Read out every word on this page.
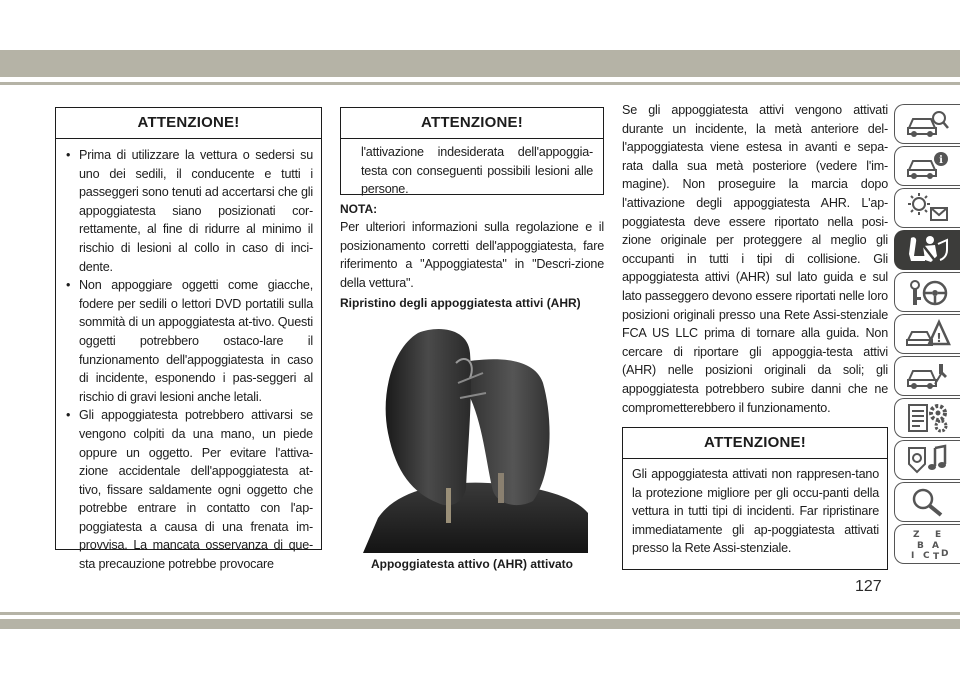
ATTENZIONE!
• Prima di utilizzare la vettura o sedersi su uno dei sedili, il conducente e tutti i passeggeri sono tenuti ad accertarsi che gli appoggiatesta siano posizionati cor-rettamente, al fine di ridurre al minimo il rischio di lesioni al collo in caso di inci-dente.
• Non appoggiare oggetti come giacche, fodere per sedili o lettori DVD portatili sulla sommità di un appoggiatesta at-tivo. Questi oggetti potrebbero ostaco-lare il funzionamento dell'appoggiatesta in caso di incidente, esponendo i pas-seggeri al rischio di gravi lesioni anche letali.
• Gli appoggiatesta potrebbero attivarsi se vengono colpiti da una mano, un piede oppure un oggetto. Per evitare l'attiva-zione accidentale dell'appoggiatesta at-tivo, fissare saldamente ogni oggetto che potrebbe entrare in contatto con l'ap-poggiatesta a causa di una frenata im-provvisa. La mancata osservanza di que-sta precauzione potrebbe provocare
ATTENZIONE!
l'attivazione indesiderata dell'appoggia-testa con conseguenti possibili lesioni alle persone.
NOTA:
Per ulteriori informazioni sulla regolazione e il posizionamento corretti dell'appoggiatesta, fare riferimento a "Appoggiatesta" in "Descri-zione della vettura".
Ripristino degli appoggiatesta attivi (AHR)
Appoggiatesta attivo (AHR) attivato
Se gli appoggiatesta attivi vengono attivati durante un incidente, la metà anteriore del-l'appoggiatesta viene estesa in avanti e sepa-rata dalla sua metà posteriore (vedere l'im-magine). Non proseguire la marcia dopo l'attivazione degli appoggiatesta AHR. L'ap-poggiatesta deve essere riportato nella posi-zione originale per proteggere al meglio gli occupanti in tutti i tipi di collisione. Gli appoggiatesta attivi (AHR) sul lato guida e sul lato passeggero devono essere riportati nelle loro posizioni originali presso una Rete Assi-stenziale FCA US LLC prima di tornare alla guida. Non cercare di riportare gli appoggia-testa attivi (AHR) nelle posizioni originali da soli; gli appoggiatesta potrebbero subire danni che ne comprometterebbero il funzionamento.
ATTENZIONE!
Gli appoggiatesta attivati non rappresen-tano la protezione migliore per gli occu-panti della vettura in tutti tipi di incidenti. Far ripristinare immediatamente gli ap-poggiatesta attivati presso la Rete Assi-stenziale.
127
i
!
Z E
B A
C D
I T
